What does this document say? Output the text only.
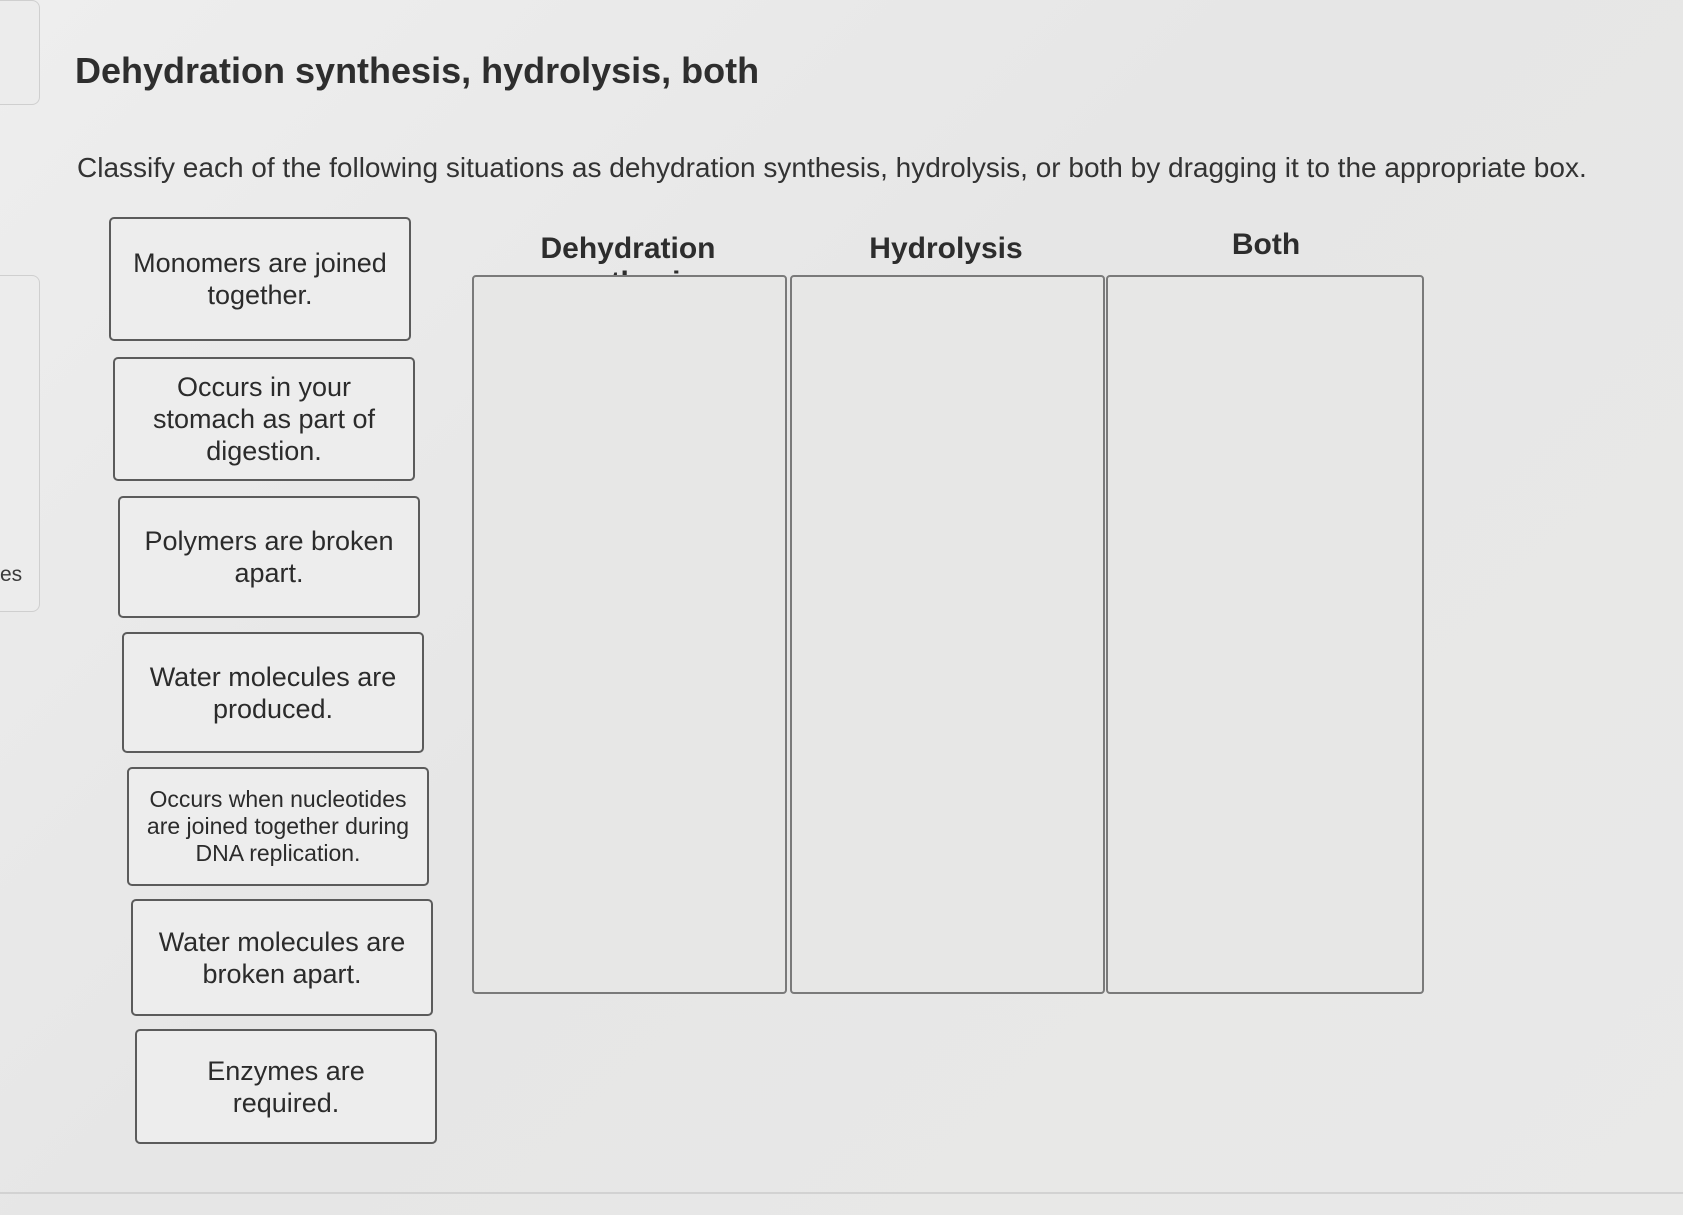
es
Dehydration synthesis, hydrolysis, both

Classify each of the following situations as dehydration synthesis, hydrolysis, or both by dragging it to the appropriate box.

Monomers are joined together.
Occurs in your stomach as part of digestion.
Polymers are broken apart.
Water molecules are produced.
Occurs when nucleotides are joined together during DNA replication.
Water molecules are broken apart.
Enzymes are required.
Dehydration	Hydrolysis	Both
